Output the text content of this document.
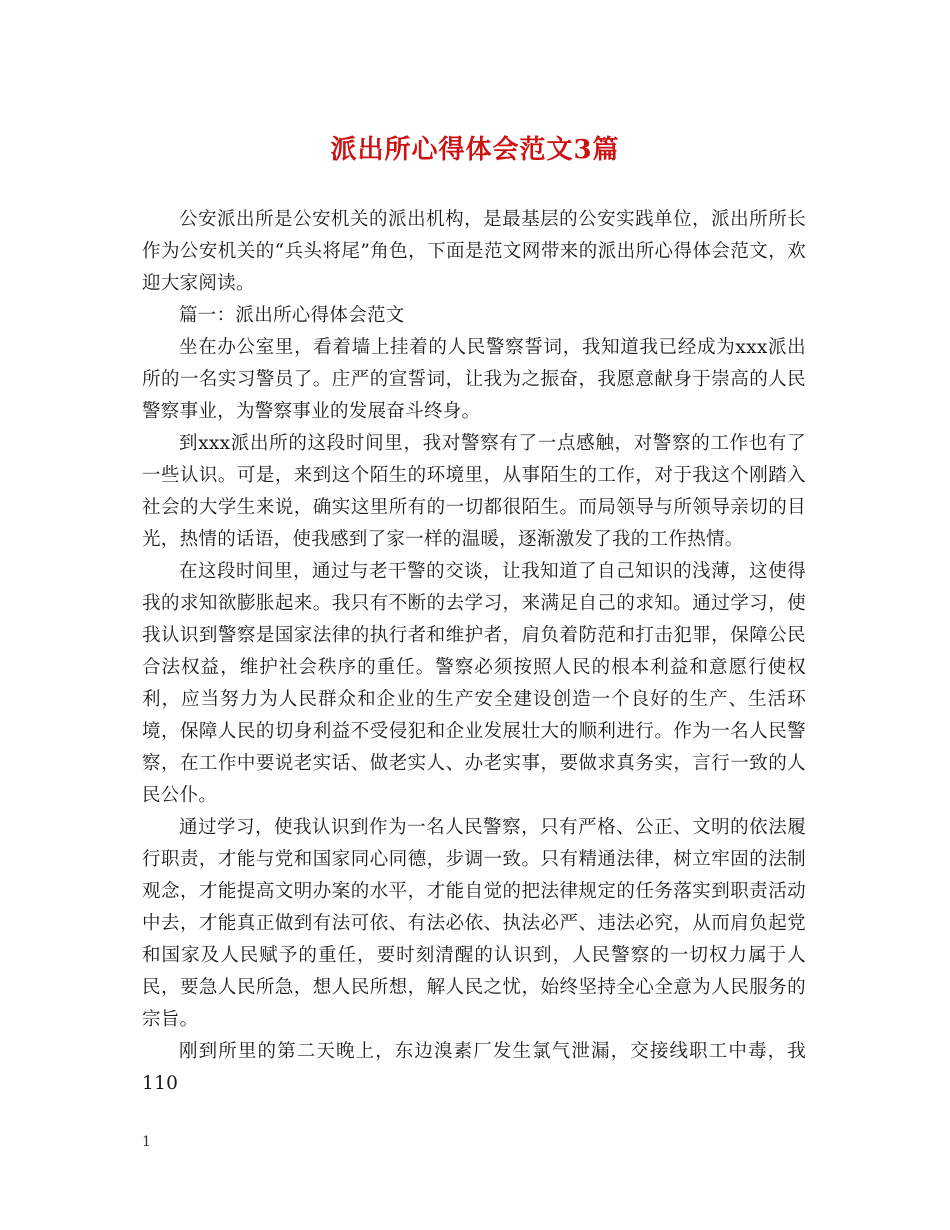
派出所心得体会范文3篇

公安派出所是公安机关的派出机构，是最基层的公安实践单位，派出所所长作为公安机关的“兵头将尾”角色，下面是范文网带来的派出所心得体会范文，欢迎大家阅读。

篇一：派出所心得体会范文

坐在办公室里，看着墙上挂着的人民警察誓词，我知道我已经成为xxx派出所的一名实习警员了。庄严的宣誓词，让我为之振奋，我愿意献身于崇高的人民警察事业，为警察事业的发展奋斗终身。

到xxx派出所的这段时间里，我对警察有了一点感触，对警察的工作也有了一些认识。可是，来到这个陌生的环境里，从事陌生的工作，对于我这个刚踏入社会的大学生来说，确实这里所有的一切都很陌生。而局领导与所领导亲切的目光，热情的话语，使我感到了家一样的温暖，逐渐激发了我的工作热情。

在这段时间里，通过与老干警的交谈，让我知道了自己知识的浅薄，这使得我的求知欲膨胀起来。我只有不断的去学习，来满足自己的求知。通过学习，使我认识到警察是国家法律的执行者和维护者，肩负着防范和打击犯罪，保障公民合法权益，维护社会秩序的重任。警察必须按照人民的根本利益和意愿行使权利，应当努力为人民群众和企业的生产安全建设创造一个良好的生产、生活环境，保障人民的切身利益不受侵犯和企业发展壮大的顺利进行。作为一名人民警察，在工作中要说老实话、做老实人、办老实事，要做求真务实，言行一致的人民公仆。

通过学习，使我认识到作为一名人民警察，只有严格、公正、文明的依法履行职责，才能与党和国家同心同德，步调一致。只有精通法律，树立牢固的法制观念，才能提高文明办案的水平，才能自觉的把法律规定的任务落实到职责活动中去，才能真正做到有法可依、有法必依、执法必严、违法必究，从而肩负起党和国家及人民赋予的重任，要时刻清醒的认识到，人民警察的一切权力属于人民，要急人民所急，想人民所想，解人民之忧，始终坚持全心全意为人民服务的宗旨。

刚到所里的第二天晚上，东边溴素厂发生氯气泄漏，交接线职工中毒，我110

1
